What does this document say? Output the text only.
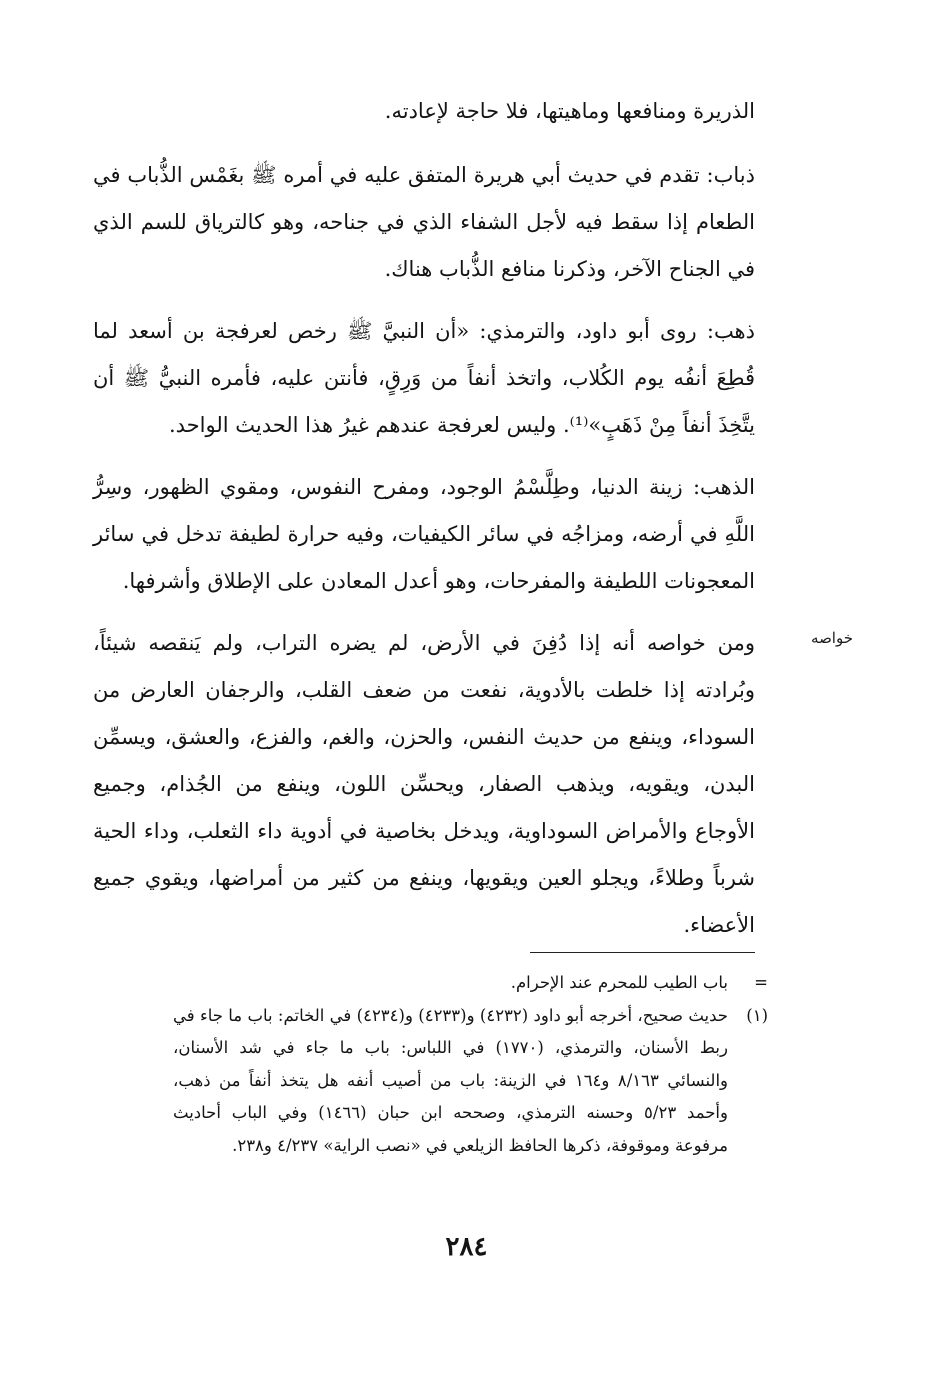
الذريرة ومنافعها وماهيتها، فلا حاجة لإعادته.

ذباب: تقدم في حديث أبي هريرة المتفق عليه في أمره ﷺ بغَمْس الذُّباب في الطعام إذا سقط فيه لأجل الشفاء الذي في جناحه، وهو كالترياق للسم الذي في الجناح الآخر، وذكرنا منافع الذُّباب هناك.

ذهب: روى أبو داود، والترمذي: «أن النبيَّ ﷺ رخص لعرفجة بن أسعد لما قُطِعَ أنفُه يوم الكُلاب، واتخذ أنفاً من وَرِقٍ، فأنتن عليه، فأمره النبيُّ ﷺ أن يتَّخِذَ أنفاً مِنْ ذَهَبٍ»⁽¹⁾. وليس لعرفجة عندهم غيرُ هذا الحديث الواحد.

الذهب: زينة الدنيا، وطِلَّسْمُ الوجود، ومفرح النفوس، ومقوي الظهور، وسِرُّ اللَّهِ في أرضه، ومزاجُه في سائر الكيفيات، وفيه حرارة لطيفة تدخل في سائر المعجونات اللطيفة والمفرحات، وهو أعدل المعادن على الإطلاق وأشرفها.

ومن خواصه أنه إذا دُفِنَ في الأرض، لم يضره التراب، ولم يَنقصه شيئاً، وبُرادته إذا خلطت بالأدوية، نفعت من ضعف القلب، والرجفان العارض من السوداء، وينفع من حديث النفس، والحزن، والغم، والفزع، والعشق، ويسمِّن البدن، ويقويه، ويذهب الصفار، ويحسِّن اللون، وينفع من الجُذام، وجميع الأوجاع والأمراض السوداوية، ويدخل بخاصية في أدوية داء الثعلب، وداء الحية شرباً وطلاءً، ويجلو العين ويقويها، وينفع من كثير من أمراضها، ويقوي جميع الأعضاء.

خواصه

=
باب الطيب للمحرم عند الإحرام.

(١)
حديث صحيح، أخرجه أبو داود (٤٢٣٢) و(٤٢٣٣) و(٤٢٣٤) في الخاتم: باب ما جاء في ربط الأسنان، والترمذي، (١٧٧٠) في اللباس: باب ما جاء في شد الأسنان، والنسائي ٨/١٦٣ و١٦٤ في الزينة: باب من أصيب أنفه هل يتخذ أنفاً من ذهب، وأحمد ٥/٢٣ وحسنه الترمذي، وصححه ابن حبان (١٤٦٦) وفي الباب أحاديث مرفوعة وموقوفة، ذكرها الحافظ الزيلعي في «نصب الراية» ٤/٢٣٧ و٢٣٨.

٢٨٤
